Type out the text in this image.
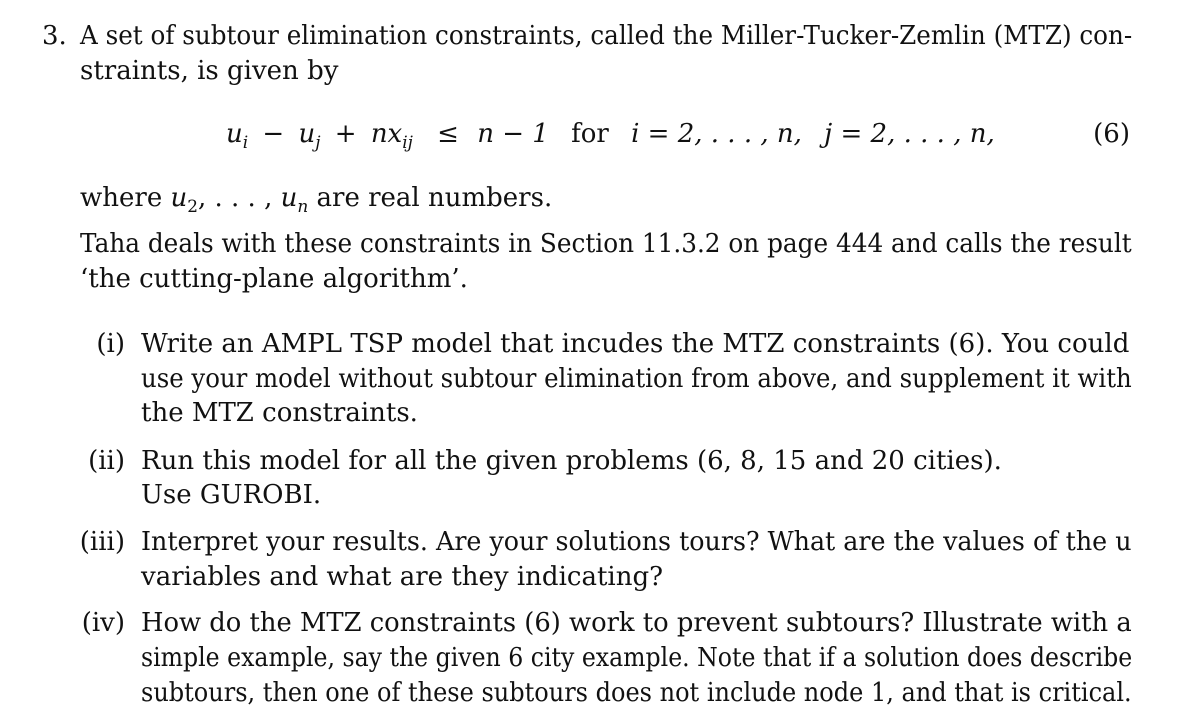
3. A set of subtour elimination constraints, called the Miller-Tucker-Zemlin (MTZ) con-
straints, is given by
$u_i - u_j + nx_{ij} \le n - 1$ for i = 2, . . . , n, j = 2, . . . , n,	(6)
where $u_2$, . . . , $u_n$ are real numbers.
Taha deals with these constraints in Section 11.3.2 on page 444 and calls the result
‘the cutting-plane algorithm’.
(i) Write an AMPL TSP model that incudes the MTZ constraints (6). You could
use your model without subtour elimination from above, and supplement it with
the MTZ constraints.
(ii) Run this model for all the given problems (6, 8, 15 and 20 cities).
Use GUROBI.
(iii) Interpret your results. Are your solutions tours? What are the values of the u
variables and what are they indicating?
(iv) How do the MTZ constraints (6) work to prevent subtours? Illustrate with a
simple example, say the given 6 city example. Note that if a solution does describe
subtours, then one of these subtours does not include node 1, and that is critical.
